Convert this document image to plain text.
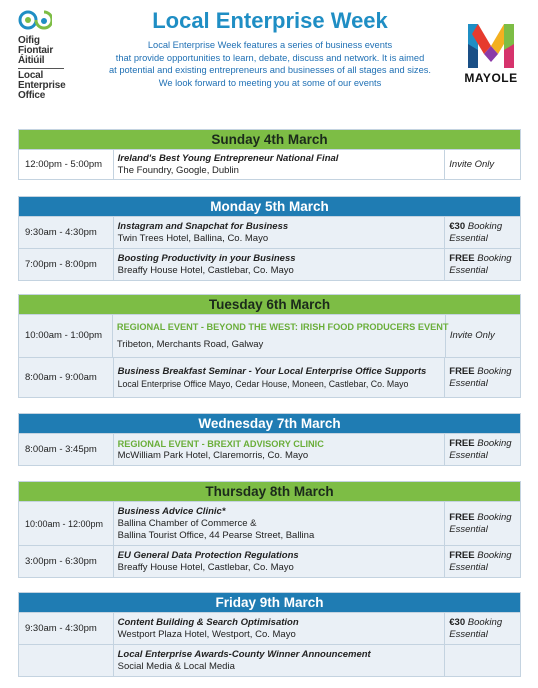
Oifig
Fiontair
Áitiúil
Local
Enterprise
Office
Local Enterprise Week
Local Enterprise Week features a series of business events
that provide opportunities to learn, debate, discuss and network. It is aimed
at potential and existing entrepreneurs and businesses of all stages and sizes.
We look forward to meeting you at some of our events	MAYOLE
Sunday 4th March
12:00pm - 5:00pm
Ireland's Best Young Entrepreneur National Final
The Foundry, Google, Dublin
Invite Only
Monday 5th March
9:30am - 4:30pm
Instagram and Snapchat for Business
Twin Trees Hotel, Ballina, Co. Mayo
€30 Booking
Essential
7:00pm - 8:00pm
Boosting Productivity in your Business
Breaffy House Hotel, Castlebar, Co. Mayo
FREE Booking
Essential
Tuesday 6th March
10:00am - 1:00pm
REGIONAL EVENT - BEYOND THE WEST: IRISH FOOD PRODUCERS EVENT
Tribeton, Merchants Road, Galway
Invite Only
8:00am - 9:00am
Business Breakfast Seminar - Your Local Enterprise Office Supports
Local Enterprise Office Mayo, Cedar House, Moneen, Castlebar, Co. Mayo
FREE Booking
Essential
Wednesday 7th March
8:00am - 3:45pm	REGIONAL EVENT - BREXIT ADVISORY CLINIC
McWilliam Park Hotel, Claremorris, Co. Mayo
FREE Booking
Essential
Thursday 8th March
10:00am - 12:00pm
Business Advice Clinic*
Ballina Chamber of Commerce &
Ballina Tourist Office, 44 Pearse Street, Ballina
FREE Booking
Essential
3:00pm - 6:30pm
EU General Data Protection Regulations
Breaffy House Hotel, Castlebar, Co. Mayo
FREE Booking
Essential
Friday 9th March
9:30am - 4:30pm
Content Building & Search Optimisation
Westport Plaza Hotel, Westport, Co. Mayo
€30 Booking
Essential
Local Enterprise Awards-County Winner Announcement
Social Media & Local Media
